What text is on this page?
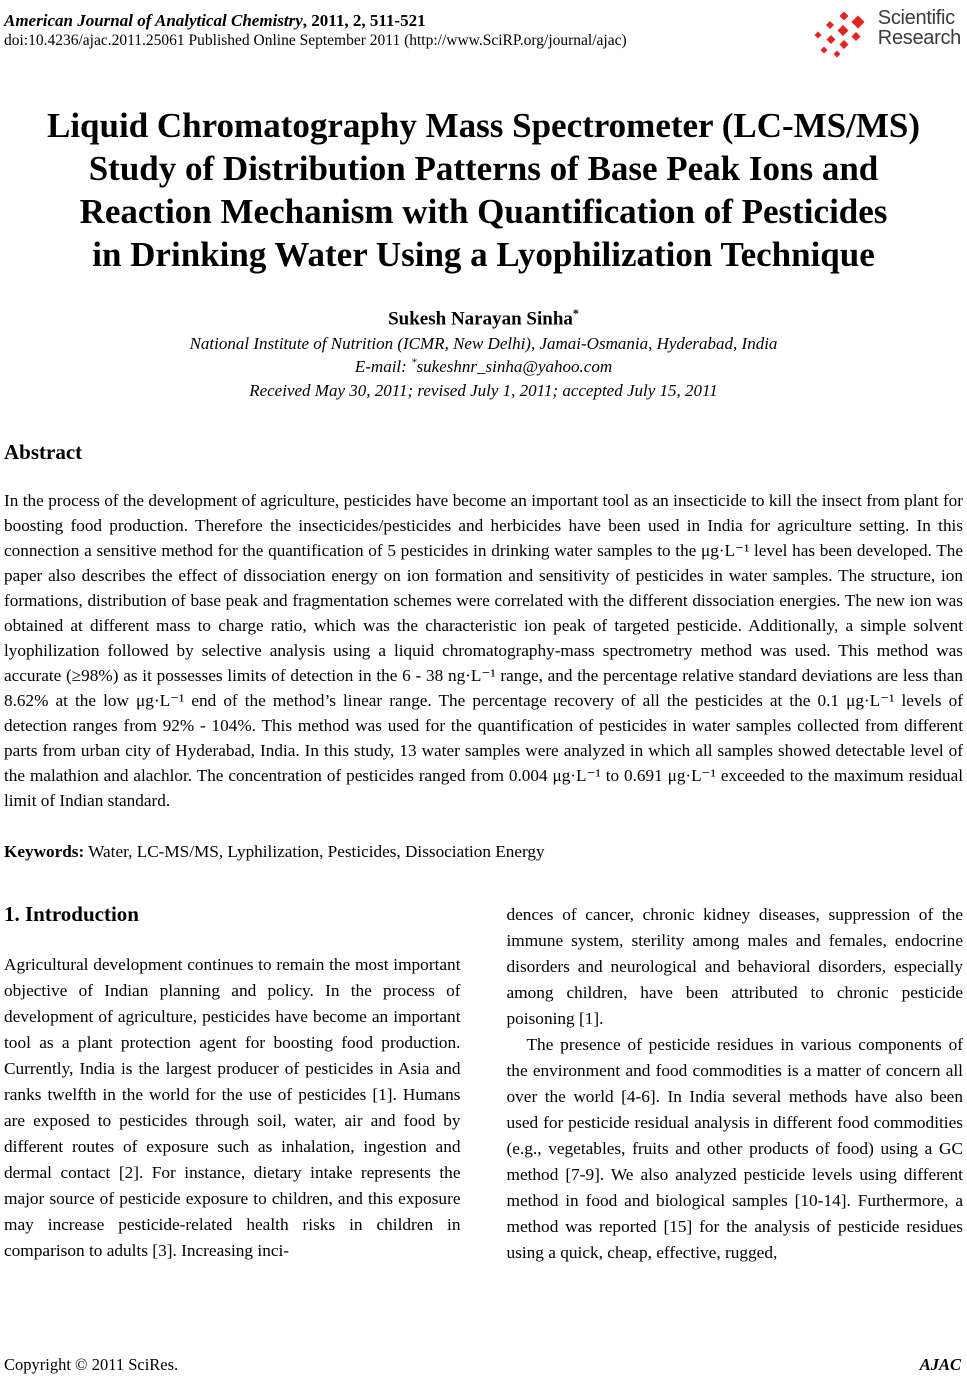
American Journal of Analytical Chemistry, 2011, 2, 511-521
doi:10.4236/ajac.2011.25061 Published Online September 2011 (http://www.SciRP.org/journal/ajac)
Scientific
Research
Liquid Chromatography Mass Spectrometer (LC-MS/MS)
Study of Distribution Patterns of Base Peak Ions and
Reaction Mechanism with Quantification of Pesticides
in Drinking Water Using a Lyophilization Technique
Sukesh Narayan Sinha*
National Institute of Nutrition (ICMR, New Delhi), Jamai-Osmania, Hyderabad, India
E-mail: *sukeshnr_sinha@yahoo.com
Received May 30, 2011; revised July 1, 2011; accepted July 15, 2011
Abstract
In the process of the development of agriculture, pesticides have become an important tool as an insecticide to kill the insect from plant for boosting food production. Therefore the insecticides/pesticides and herbicides have been used in India for agriculture setting. In this connection a sensitive method for the quantification of 5 pesticides in drinking water samples to the μg·L⁻¹ level has been developed. The paper also describes the effect of dissociation energy on ion formation and sensitivity of pesticides in water samples. The structure, ion formations, distribution of base peak and fragmentation schemes were correlated with the different dissociation energies. The new ion was obtained at different mass to charge ratio, which was the characteristic ion peak of targeted pesticide. Additionally, a simple solvent lyophilization followed by selective analysis using a liquid chromatography-mass spectrometry method was used. This method was accurate (≥98%) as it possesses limits of detection in the 6 - 38 ng·L⁻¹ range, and the percentage relative standard deviations are less than 8.62% at the low μg·L⁻¹ end of the method’s linear range. The percentage recovery of all the pesticides at the 0.1 μg·L⁻¹ levels of detection ranges from 92% - 104%. This method was used for the quantification of pesticides in water samples collected from different parts from urban city of Hyderabad, India. In this study, 13 water samples were analyzed in which all samples showed detectable level of the malathion and alachlor. The concentration of pesticides ranged from 0.004 μg·L⁻¹ to 0.691 μg·L⁻¹ exceeded to the maximum residual limit of Indian standard.
Keywords: Water, LC-MS/MS, Lyphilization, Pesticides, Dissociation Energy
1. Introduction
Agricultural development continues to remain the most important objective of Indian planning and policy. In the process of development of agriculture, pesticides have become an important tool as a plant protection agent for boosting food production. Currently, India is the largest producer of pesticides in Asia and ranks twelfth in the world for the use of pesticides [1]. Humans are exposed to pesticides through soil, water, air and food by different routes of exposure such as inhalation, ingestion and dermal contact [2]. For instance, dietary intake represents the major source of pesticide exposure to children, and this exposure may increase pesticide-related health risks in children in comparison to adults [3]. Increasing inci-
dences of cancer, chronic kidney diseases, suppression of the immune system, sterility among males and females, endocrine disorders and neurological and behavioral disorders, especially among children, have been attributed to chronic pesticide poisoning [1].
The presence of pesticide residues in various components of the environment and food commodities is a matter of concern all over the world [4-6]. In India several methods have also been used for pesticide residual analysis in different food commodities (e.g., vegetables, fruits and other products of food) using a GC method [7-9]. We also analyzed pesticide levels using different method in food and biological samples [10-14]. Furthermore, a method was reported [15] for the analysis of pesticide residues using a quick, cheap, effective, rugged,
Copyright © 2011 SciRes.	AJAC
